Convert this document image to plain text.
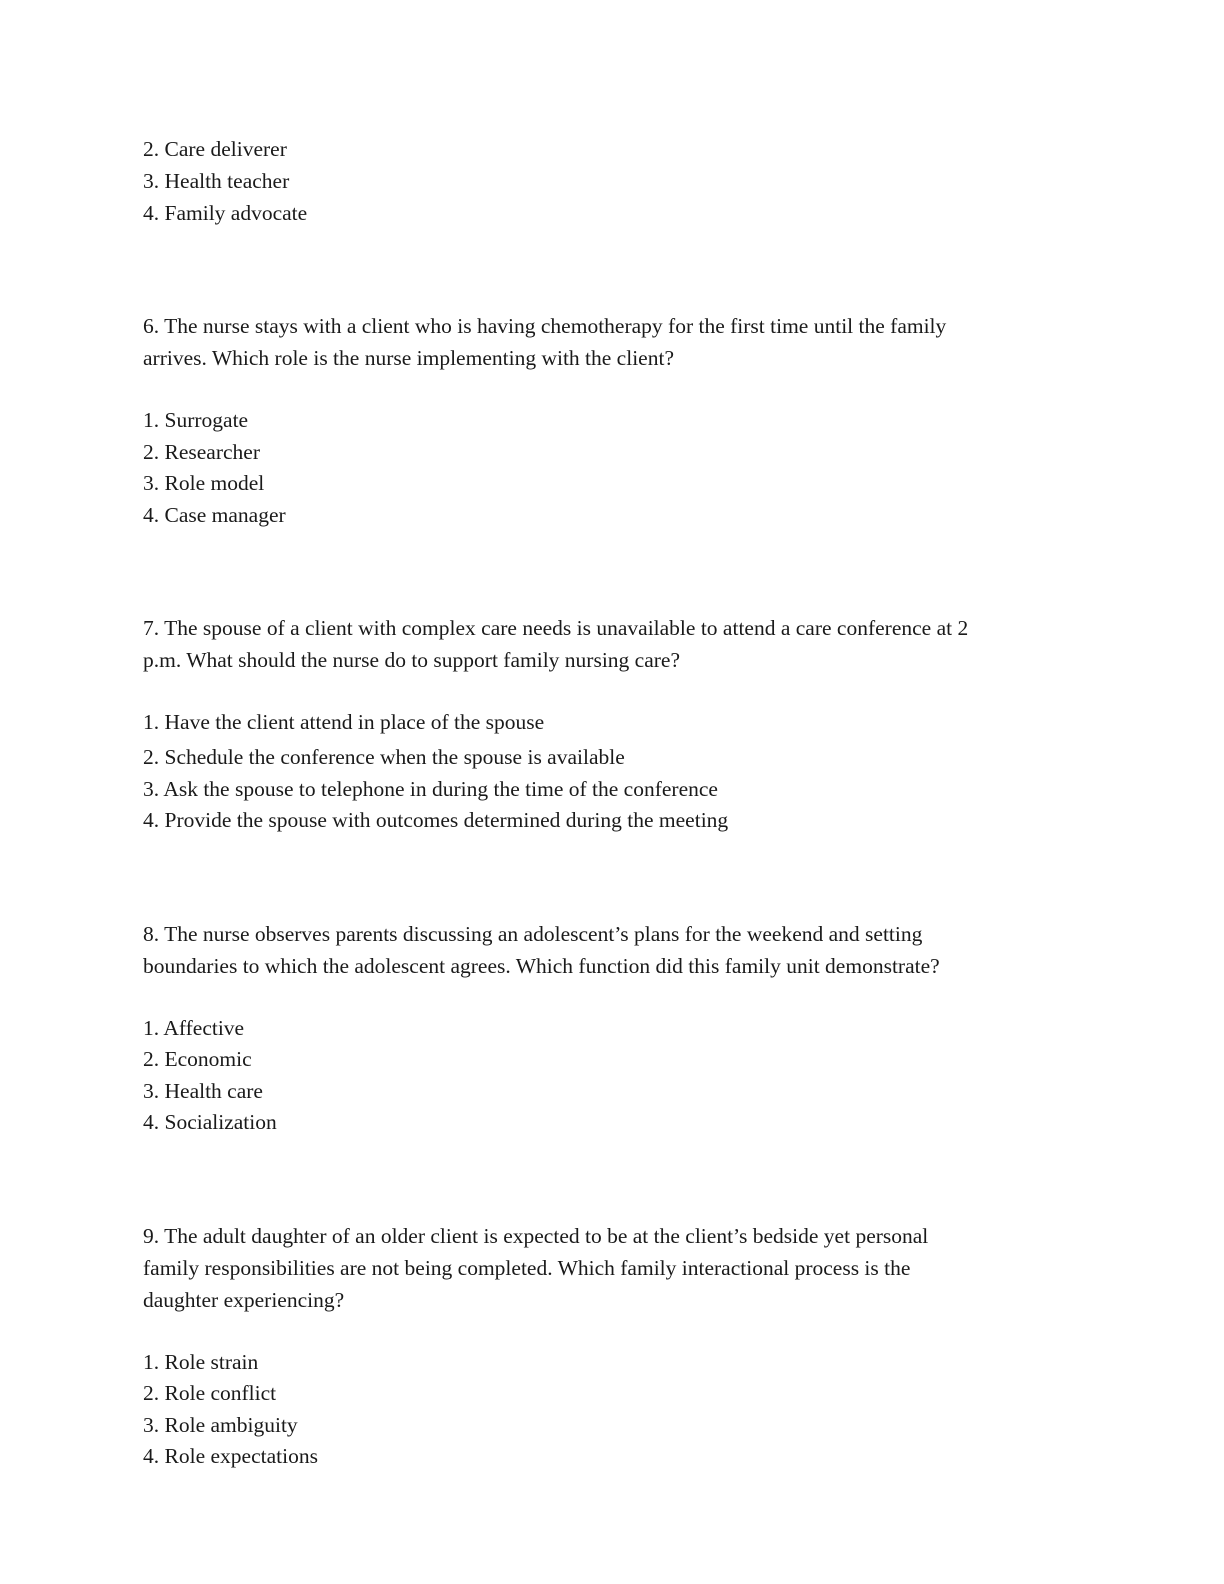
2. Care deliverer
3. Health teacher
4. Family advocate
6. The nurse stays with a client who is having chemotherapy for the first time until the family
arrives. Which role is the nurse implementing with the client?
1. Surrogate
2. Researcher
3. Role model
4. Case manager
7. The spouse of a client with complex care needs is unavailable to attend a care conference at 2
p.m. What should the nurse do to support family nursing care?
1. Have the client attend in place of the spouse
2. Schedule the conference when the spouse is available
3. Ask the spouse to telephone in during the time of the conference
4. Provide the spouse with outcomes determined during the meeting
8. The nurse observes parents discussing an adolescent’s plans for the weekend and setting
boundaries to which the adolescent agrees. Which function did this family unit demonstrate?
1. Affective
2. Economic
3. Health care
4. Socialization
9. The adult daughter of an older client is expected to be at the client’s bedside yet personal
family responsibilities are not being completed. Which family interactional process is the
daughter experiencing?
1. Role strain
2. Role conflict
3. Role ambiguity
4. Role expectations
